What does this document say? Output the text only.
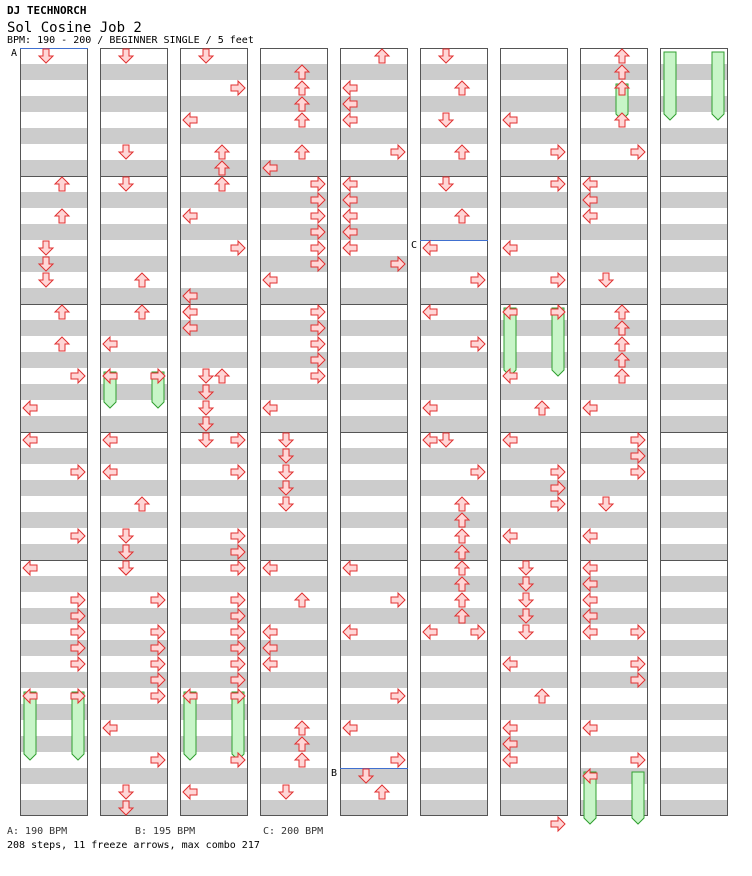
DJ TECHNORCH
Sol Cosine Job 2
BPM: 190 - 200 / BEGINNER SINGLE / 5 feet
A
C
B
A: 190 BPM	B: 195 BPM	C: 200 BPM
208 steps, 11 freeze arrows, max combo 217
